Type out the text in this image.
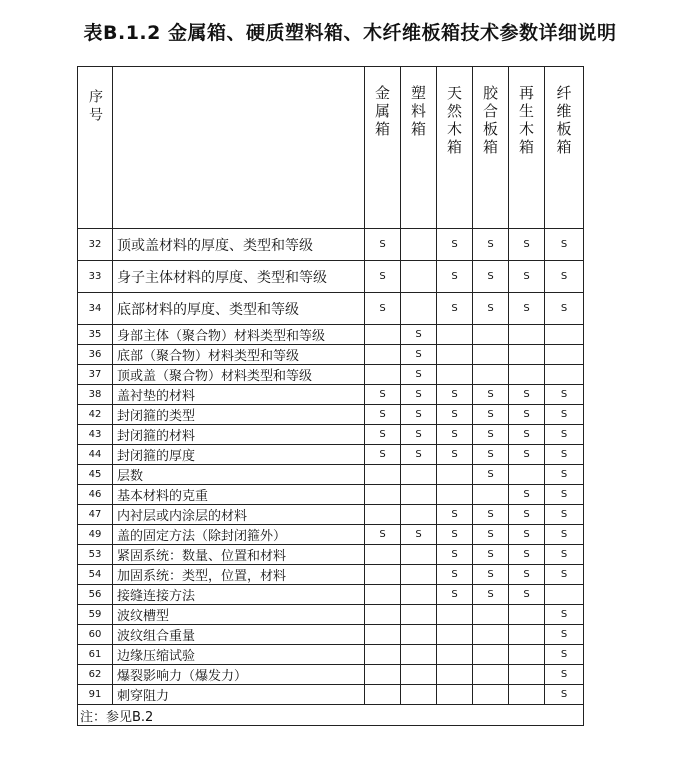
表B.1.2 金属箱、硬质塑料箱、木纤维板箱技术参数详细说明
序号		金属箱	塑料箱	天然木箱	胶合板箱	再生木箱	纤维板箱
32	顶或盖材料的厚度、类型和等级	S		S	S	S	S
33	身子主体材料的厚度、类型和等级	S		S	S	S	S
34	底部材料的厚度、类型和等级	S		S	S	S	S
35	身部主体（聚合物）材料类型和等级		S				
36	底部（聚合物）材料类型和等级		S				
37	顶或盖（聚合物）材料类型和等级		S				
38	盖衬垫的材料	S	S	S	S	S	S
42	封闭箍的类型	S	S	S	S	S	S
43	封闭箍的材料	S	S	S	S	S	S
44	封闭箍的厚度	S	S	S	S	S	S
45	层数				S		S
46	基本材料的克重					S	S
47	内衬层或内涂层的材料			S	S	S	S
49	盖的固定方法（除封闭箍外）	S	S	S	S	S	S
53	紧固系统：数量、位置和材料			S	S	S	S
54	加固系统：类型，位置，材料			S	S	S	S
56	接缝连接方法			S	S	S	
59	波纹槽型						S
60	波纹组合重量						S
61	边缘压缩试验						S
62	爆裂影响力（爆发力）						S
91	刺穿阻力						S
注：参见B.2							
